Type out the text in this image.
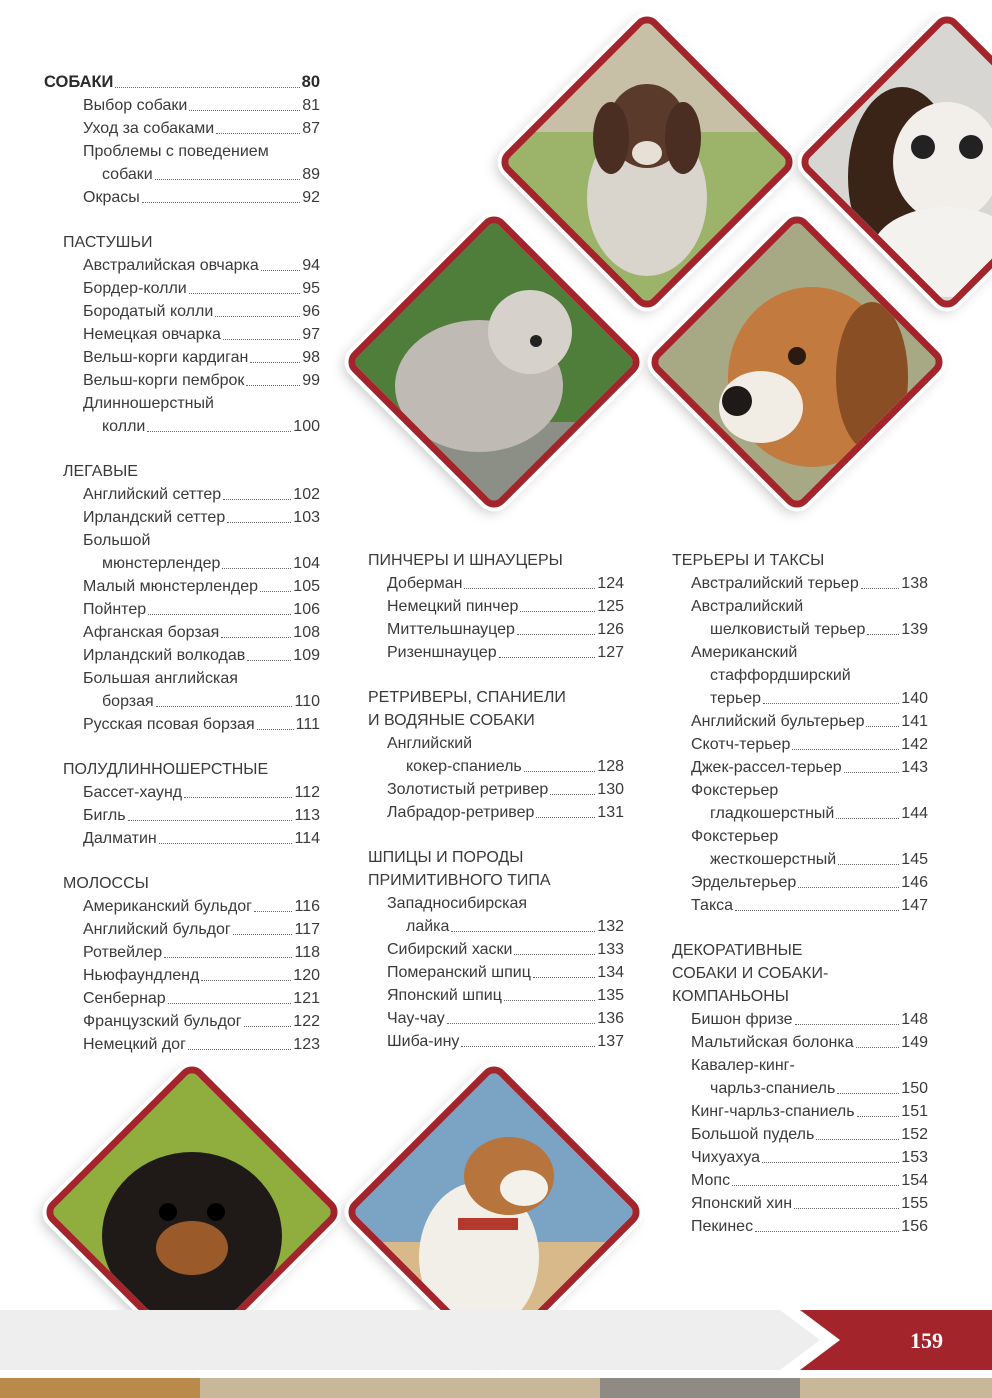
СОБАКИ	80
Выбор собаки	81
Уход за собаками	87
Проблемы с поведением
собаки	89
Окрасы	92
ПАСТУШЬИ
Австралийская овчарка	94
Бордер-колли	95
Бородатый колли	96
Немецкая овчарка	97
Вельш-корги кардиган	98
Вельш-корги пемброк	99
Длинношерстный
колли	100
ЛЕГАВЫЕ
Английский сеттер	102
Ирландский сеттер	103
Большой
мюнстерлендер	104
Малый мюнстерлендер 105
Пойнтер	106
Афганская борзая	108
Ирландский волкодав	109
Большая английская
борзая	110
Русская псовая борзая	111
ПОЛУДЛИННОШЕРСТНЫЕ
Бассет-хаунд	112
Бигль	113
Далматин	114
МОЛОССЫ
Американский бульдог	116
Английский бульдог	117
Ротвейлер	118
Ньюфаундленд	120
Сенбернар	121
Французский бульдог	122
Немецкий дог	123
ПИНЧЕРЫ И ШНАУЦЕРЫ
Доберман	124
Немецкий пинчер	125
Миттельшнауцер	126
Ризеншнауцер	127
РЕТРИВЕРЫ, СПАНИЕЛИ
И ВОДЯНЫЕ СОБАКИ
Английский
кокер-спаниель	128
Золотистый ретривер	130
Лабрадор-ретривер	131
ШПИЦЫ И ПОРОДЫ
ПРИМИТИВНОГО ТИПА
Западносибирская
лайка	132
Сибирский хаски	133
Померанский шпиц	134
Японский шпиц	135
Чау-чау	136
Шиба-ину	137
ТЕРЬЕРЫ И ТАКСЫ
Австралийский терьер	138
Австралийский
шелковистый терьер 139
Американский
стаффордширский
терьер	140
Английский бультерьер 141
Скотч-терьер	142
Джек-рассел-терьер	143
Фокстерьер
гладкошерстный	144
Фокстерьер
жесткошерстный	145
Эрдельтерьер	146
Такса	147
ДЕКОРАТИВНЫЕ
СОБАКИ И СОБАКИ-
КОМПАНЬОНЫ
Бишон фризе	148
Мальтийская болонка	149
Кавалер-кинг-
чарльз-спаниель	150
Кинг-чарльз-спаниель	151
Большой пудель	152
Чихуахуа	153
Мопс	154
Японский хин	155
Пекинес	156
159
